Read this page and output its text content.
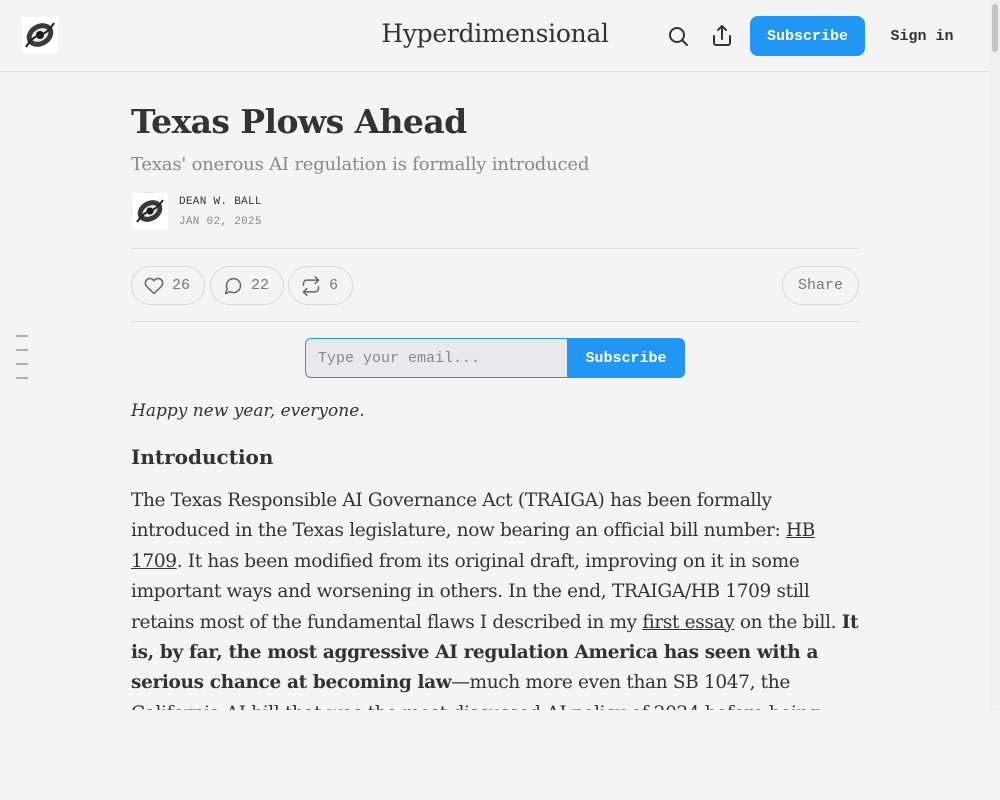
Hyperdimensional	Subscribe	Sign in
Texas Plows Ahead
Texas' onerous AI regulation is formally introduced
DEAN W. BALL
JAN 02, 2025
26	22	6	Share
Type your email...
Subscribe

Happy new year, everyone.

Introduction

The Texas Responsible AI Governance Act (TRAIGA) has been formally introduced in the Texas legislature, now bearing an official bill number: HB 1709. It has been modified from its original draft, improving on it in some important ways and worsening in others. In the end, TRAIGA/HB 1709 still retains most of the fundamental flaws I described in my first essay on the bill. It is, by far, the most aggressive AI regulation America has seen with a serious chance at becoming law—much more even than SB 1047, the
